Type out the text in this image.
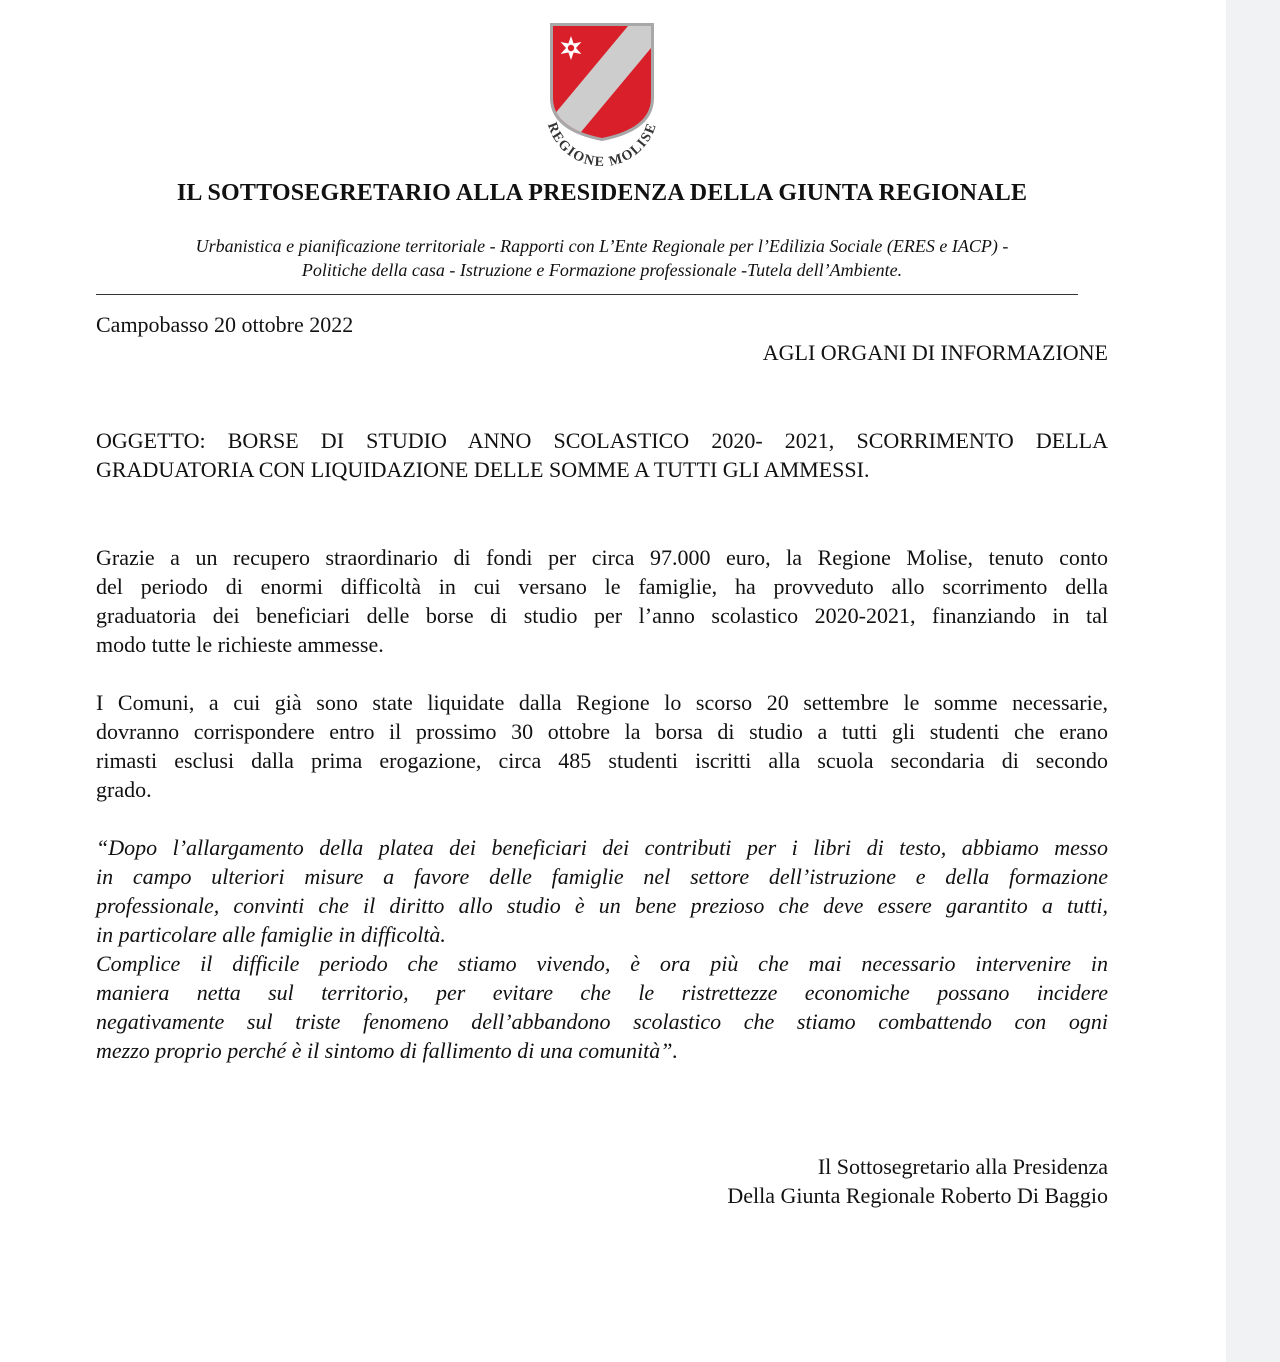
REGIONE MOLISE
IL SOTTOSEGRETARIO ALLA PRESIDENZA DELLA GIUNTA REGIONALE

Urbanistica e pianificazione territoriale - Rapporti con L’Ente Regionale per l’Edilizia Sociale (ERES e IACP) -
Politiche della casa - Istruzione e Formazione professionale -Tutela dell’Ambiente.

Campobasso 20 ottobre 2022

AGLI ORGANI DI INFORMAZIONE

OGGETTO: BORSE DI STUDIO ANNO SCOLASTICO 2020- 2021, SCORRIMENTO DELLA
GRADUATORIA CON LIQUIDAZIONE DELLE SOMME A TUTTI GLI AMMESSI.

Grazie a un recupero straordinario di fondi per circa 97.000 euro, la Regione Molise, tenuto conto
del periodo di enormi difficoltà in cui versano le famiglie, ha provveduto allo scorrimento della
graduatoria dei beneficiari delle borse di studio per l’anno scolastico 2020-2021, finanziando in tal
modo tutte le richieste ammesse.

I Comuni, a cui già sono state liquidate dalla Regione lo scorso 20 settembre le somme necessarie,
dovranno corrispondere entro il prossimo 30 ottobre la borsa di studio a tutti gli studenti che erano
rimasti esclusi dalla prima erogazione, circa 485 studenti iscritti alla scuola secondaria di secondo
grado.

“Dopo l’allargamento della platea dei beneficiari dei contributi per i libri di testo, abbiamo messo
in campo ulteriori misure a favore delle famiglie nel settore dell’istruzione e della formazione
professionale, convinti che il diritto allo studio è un bene prezioso che deve essere garantito a tutti,
in particolare alle famiglie in difficoltà.
Complice il difficile periodo che stiamo vivendo, è ora più che mai necessario intervenire in
maniera netta sul territorio, per evitare che le ristrettezze economiche possano incidere
negativamente sul triste fenomeno dell’abbandono scolastico che stiamo combattendo con ogni
mezzo proprio perché è il sintomo di fallimento di una comunità”.

Il Sottosegretario alla Presidenza
Della Giunta Regionale Roberto Di Baggio
